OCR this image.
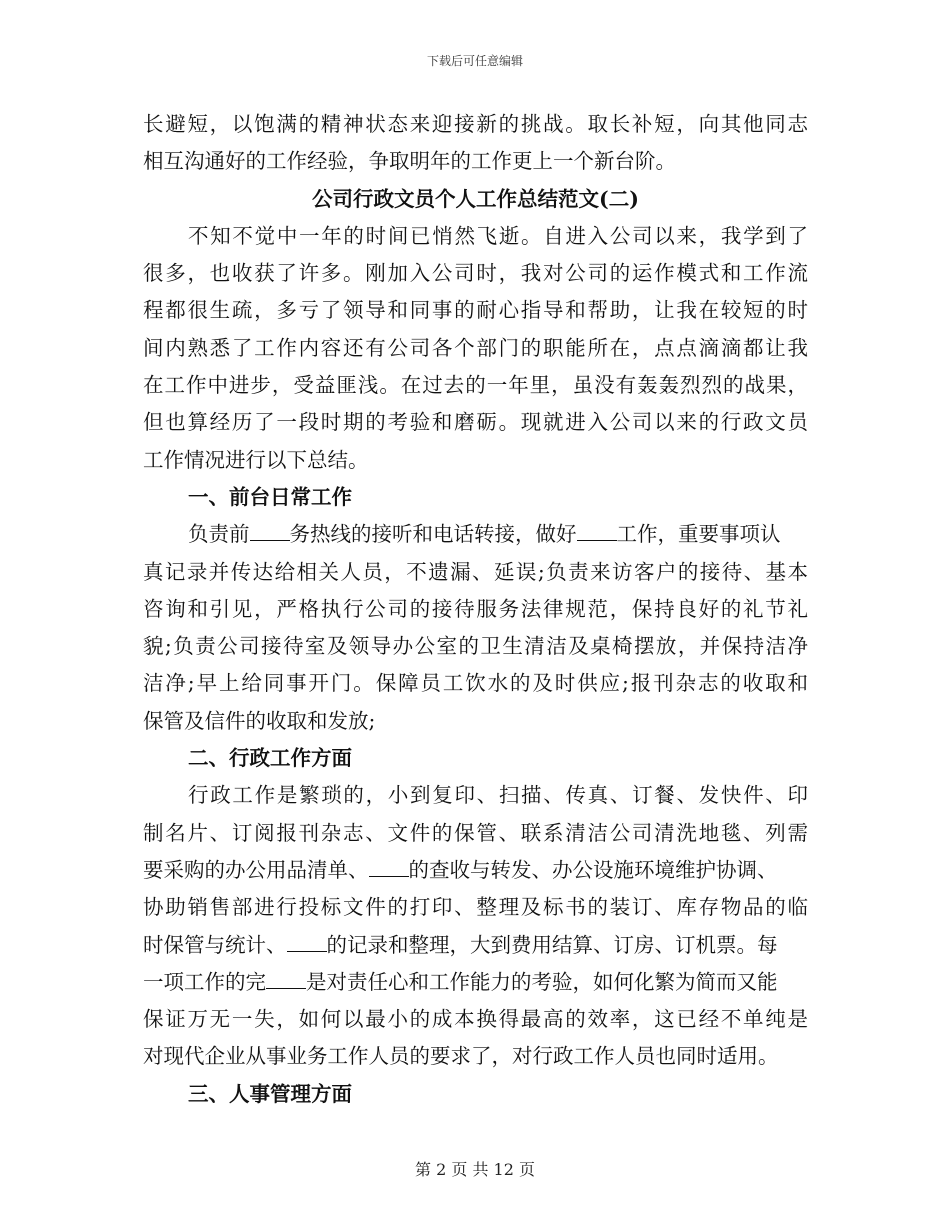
下载后可任意编辑
长避短，以饱满的精神状态来迎接新的挑战。取长补短，向其他同志
相互沟通好的工作经验，争取明年的工作更上一个新台阶。
公司行政文员个人工作总结范文(二)
不知不觉中一年的时间已悄然飞逝。自进入公司以来，我学到了
很多，也收获了许多。刚加入公司时，我对公司的运作模式和工作流
程都很生疏，多亏了领导和同事的耐心指导和帮助，让我在较短的时
间内熟悉了工作内容还有公司各个部门的职能所在，点点滴滴都让我
在工作中进步，受益匪浅。在过去的一年里，虽没有轰轰烈烈的战果，
但也算经历了一段时期的考验和磨砺。现就进入公司以来的行政文员
工作情况进行以下总结。
一、前台日常工作
负责前 务热线的接听和电话转接，做好 工作，重要事项认
真记录并传达给相关人员，不遗漏、延误;负责来访客户的接待、基本
咨询和引见，严格执行公司的接待服务法律规范，保持良好的礼节礼
貌;负责公司接待室及领导办公室的卫生清洁及桌椅摆放，并保持洁净
洁净;早上给同事开门。保障员工饮水的及时供应;报刊杂志的收取和
保管及信件的收取和发放;
二、行政工作方面
行政工作是繁琐的，小到复印、扫描、传真、订餐、发快件、印
制名片、订阅报刊杂志、文件的保管、联系清洁公司清洗地毯、列需
要采购的办公用品清单、 的查收与转发、办公设施环境维护协调、
协助销售部进行投标文件的打印、整理及标书的装订、库存物品的临
时保管与统计、 的记录和整理，大到费用结算、订房、订机票。每
一项工作的完 是对责任心和工作能力的考验，如何化繁为简而又能
保证万无一失，如何以最小的成本换得最高的效率，这已经不单纯是
对现代企业从事业务工作人员的要求了，对行政工作人员也同时适用。
三、人事管理方面
第 2 页 共 12 页
